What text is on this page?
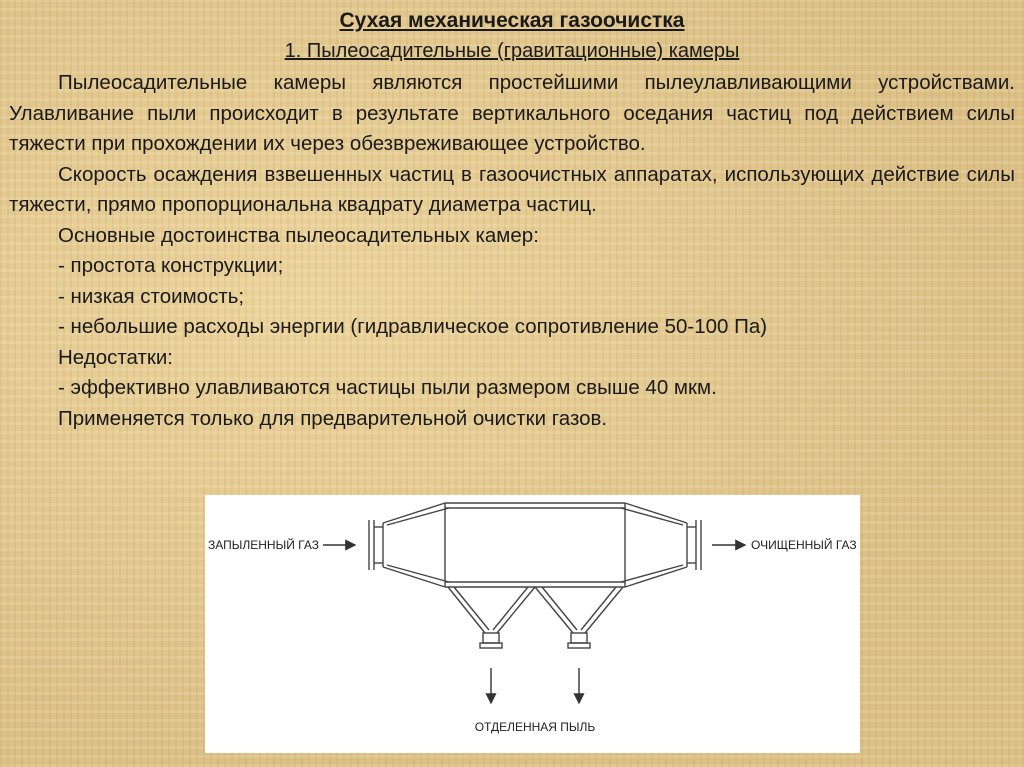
Сухая механическая газоочистка
1. Пылеосадительные (гравитационные) камеры

Пылеосадительные камеры являются простейшими пылеулавливающими устройствами. Улавливание пыли происходит в результате вертикального оседания частиц под действием силы тяжести при прохождении их через обезвреживающее устройство.

Скорость осаждения взвешенных частиц в газоочистных аппаратах, использующих действие силы тяжести, прямо пропорциональна квадрату диаметра частиц.

Основные достоинства пылеосадительных камер:

- простота конструкции;

- низкая стоимость;

- небольшие расходы энергии (гидравлическое сопротивление 50-100 Па)

Недостатки:

- эффективно улавливаются частицы пыли размером свыше 40 мкм.

Применяется только для предварительной очистки газов.

ЗАПЫЛЕННЫЙ ГАЗ	ОЧИЩЕННЫЙ ГАЗ
ОТДЕЛЕННАЯ ПЫЛЬ
